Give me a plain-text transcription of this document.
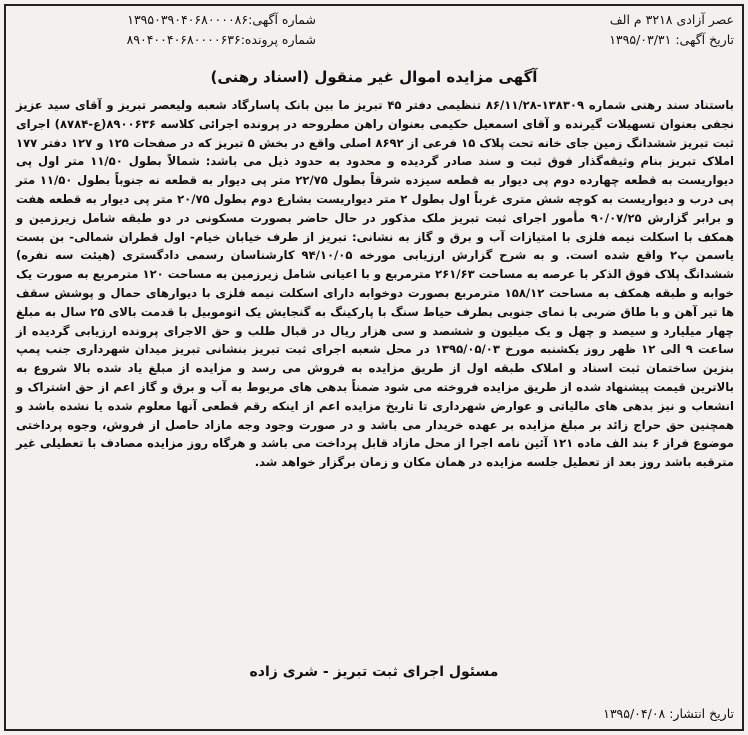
عصر آزادی ۳۲۱۸ م الف
تاریخ آگهی: ۱۳۹۵/۰۳/۳۱
شماره آگهی:۱۳۹۵۰۳۹۰۴۰۶۸۰۰۰۰۸۶
شماره پرونده:۸۹۰۴۰۰۴۰۶۸۰۰۰۰۶۳۶
آگهی مزایده اموال غیر منقول (اسناد رهنی)
باستناد سند رهنی شماره ۱۳۸۳۰۹-۸۶/۱۱/۲۸ تنظیمی دفتر ۴۵ تبریز ما بین بانک پاسارگاد شعبه ولیعصر تبریز و آقای سید عزیز نجفی بعنوان تسهیلات گیرنده و آقای اسمعیل حکیمی بعنوان راهن مطروحه در پرونده اجرائی کلاسه ۸۹۰۰۶۳۶(ع-۸۷۸۴) اجرای ثبت تبریز ششدانگ زمین جای خانه تحت پلاک ۱۵ فرعی از ۸۶۹۲ اصلی واقع در بخش ۵ تبریز که در صفحات ۱۲۵ و ۱۲۷ دفتر ۱۷۷ املاک تبریز بنام وثیقه‌گذار فوق ثبت و سند صادر گردیده و محدود به حدود ذیل می باشد: شمالاً بطول ۱۱/۵۰ متر اول پی دیواریست به قطعه چهارده دوم پی دیوار به قطعه سیزده شرقاً بطول ۲۲/۷۵ متر پی دیوار به قطعه نه جنوباً بطول ۱۱/۵۰ متر پی درب و دیواریست به کوچه شش متری غرباً اول بطول ۲ متر دیواریست بشارع دوم بطول ۲۰/۷۵ متر پی دیوار به قطعه هفت و برابر گزارش ۹۰/۰۷/۲۵ مأمور اجرای ثبت تبریز ملک مذکور در حال حاضر بصورت مسکونی در دو طبقه شامل زیرزمین و همکف با اسکلت نیمه فلزی با امتیازات آب و برق و گاز به نشانی: تبریز از طرف خیابان خیام- اول قطران شمالی- بن بست یاسمن پ۲ واقع شده است. و به شرح گزارش ارزیابی مورخه ۹۴/۱۰/۰۵ کارشناسان رسمی دادگستری (هیئت سه نفره) ششدانگ پلاک فوق الذکر با عرصه به مساحت ۲۶۱/۶۳ مترمربع و با اعیانی شامل زیرزمین به مساحت ۱۲۰ مترمربع به صورت یک خوابه و طبقه همکف به مساحت ۱۵۸/۱۲ مترمربع بصورت دوخوابه دارای اسکلت نیمه فلزی با دیوارهای حمال و پوشش سقف ها تیر آهن و با طاق ضربی با نمای جنوبی بطرف حیاط سنگ با پارکینگ به گنجایش یک اتوموبیل با قدمت بالای ۲۵ سال به مبلغ چهار میلیارد و سیصد و چهل و یک میلیون و ششصد و سی هزار ریال در قبال طلب و حق الاجرای پرونده ارزیابی گردیده از ساعت ۹ الی ۱۲ ظهر روز یکشنبه مورخ ۱۳۹۵/۰۵/۰۳ در محل شعبه اجرای ثبت تبریز بنشانی تبریز میدان شهرداری جنب پمپ بنزین ساختمان ثبت اسناد و املاک طبقه اول از طریق مزایده به فروش می رسد و مزایده از مبلغ یاد شده بالا شروع به بالاترین قیمت پیشنهاد شده از طریق مزایده فروخته می شود ضمناً بدهی های مربوط به آب و برق و گاز اعم از حق اشتراک و انشعاب و نیز بدهی های مالیاتی و عوارض شهرداری تا تاریخ مزایده اعم از اینکه رقم قطعی آنها معلوم شده یا نشده باشد و همچنین حق حراج زائد بر مبلغ مزایده بر عهده خریدار می باشد و در صورت وجود وجه مازاد حاصل از فروش، وجوه پرداختی موضوع فراز ۶ بند الف ماده ۱۲۱ آئین نامه اجرا از محل مازاد قابل پرداخت می باشد و هرگاه روز مزایده مصادف با تعطیلی غیر مترقبه باشد روز بعد از تعطیل جلسه مزایده در همان مکان و زمان برگزار خواهد شد.
مسئول اجرای ثبت تبریز - شری زاده
تاریخ انتشار: ۱۳۹۵/۰۴/۰۸
